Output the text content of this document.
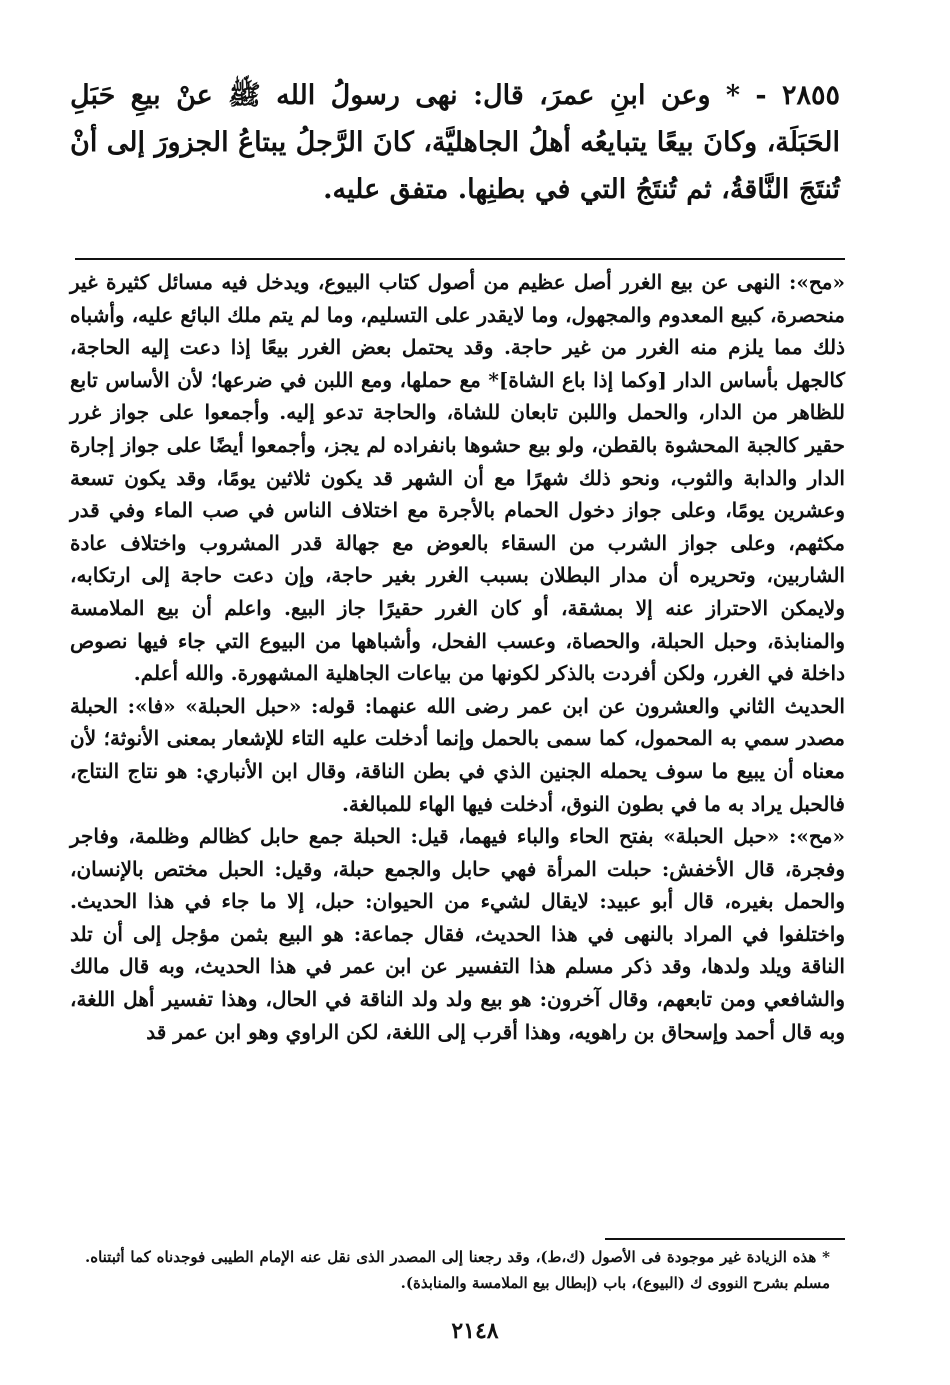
٢٨٥٥ - * وعن ابنِ عمرَ، قال: نهى رسولُ الله ﷺ عنْ بيعِ حَبَلِ الحَبَلَة، وكانَ بيعًا يتبايعُه أهلُ الجاهليَّة، كانَ الرَّجلُ يبتاعُ الجزورَ إلى أنْ تُنتَجَ النَّاقةُ، ثم تُنتَجُ التي في بطنِها. متفق عليه.

«مح»: النهى عن بيع الغرر أصل عظيم من أصول كتاب البيوع، ويدخل فيه مسائل كثيرة غير منحصرة، كبيع المعدوم والمجهول، وما لايقدر على التسليم، وما لم يتم ملك البائع عليه، وأشباه ذلك مما يلزم منه الغرر من غير حاجة. وقد يحتمل بعض الغرر بيعًا إذا دعت إليه الحاجة، كالجهل بأساس الدار [وكما إذا باع الشاة]* مع حملها، ومع اللبن في ضرعها؛ لأن الأساس تابع للظاهر من الدار، والحمل واللبن تابعان للشاة، والحاجة تدعو إليه. وأجمعوا على جواز غرر حقير كالجبة المحشوة بالقطن، ولو بيع حشوها بانفراده لم يجز، وأجمعوا أيضًا على جواز إجارة الدار والدابة والثوب، ونحو ذلك شهرًا مع أن الشهر قد يكون ثلاثين يومًا، وقد يكون تسعة وعشرين يومًا، وعلى جواز دخول الحمام بالأجرة مع اختلاف الناس في صب الماء وفي قدر مكثهم، وعلى جواز الشرب من السقاء بالعوض مع جهالة قدر المشروب واختلاف عادة الشاربين، وتحريره أن مدار البطلان بسبب الغرر بغير حاجة، وإن دعت حاجة إلى ارتكابه، ولايمكن الاحتراز عنه إلا بمشقة، أو كان الغرر حقيرًا جاز البيع. واعلم أن بيع الملامسة والمنابذة، وحبل الحبلة، والحصاة، وعسب الفحل، وأشباهها من البيوع التي جاء فيها نصوص داخلة في الغرر، ولكن أفردت بالذكر لكونها من بياعات الجاهلية المشهورة. والله أعلم.

الحديث الثاني والعشرون عن ابن عمر رضى الله عنهما: قوله: «حبل الحبلة» «فا»: الحبلة مصدر سمي به المحمول، كما سمى بالحمل وإنما أدخلت عليه التاء للإشعار بمعنى الأنوثة؛ لأن معناه أن يبيع ما سوف يحمله الجنين الذي في بطن الناقة، وقال ابن الأنباري: هو نتاج النتاج، فالحبل يراد به ما في بطون النوق، أدخلت فيها الهاء للمبالغة.

«مح»: «حبل الحبلة» بفتح الحاء والباء فيهما، قيل: الحبلة جمع حابل كظالم وظلمة، وفاجر وفجرة، قال الأخفش: حبلت المرأة فهي حابل والجمع حبلة، وقيل: الحبل مختص بالإنسان، والحمل بغيره، قال أبو عبيد: لايقال لشيء من الحيوان: حبل، إلا ما جاء في هذا الحديث. واختلفوا في المراد بالنهى في هذا الحديث، فقال جماعة: هو البيع بثمن مؤجل إلى أن تلد الناقة ويلد ولدها، وقد ذكر مسلم هذا التفسير عن ابن عمر في هذا الحديث، وبه قال مالك والشافعي ومن تابعهم، وقال آخرون: هو بيع ولد ولد الناقة في الحال، وهذا تفسير أهل اللغة، وبه قال أحمد وإسحاق بن راهويه، وهذا أقرب إلى اللغة، لكن الراوي وهو ابن عمر قد

* هذه الزيادة غير موجودة فى الأصول (ك،ط)، وقد رجعنا إلى المصدر الذى نقل عنه الإمام الطيبى فوجدناه كما أثبتناه. مسلم بشرح النووى ك (البيوع)، باب (إبطال بيع الملامسة والمنابذة).
٢١٤٨
